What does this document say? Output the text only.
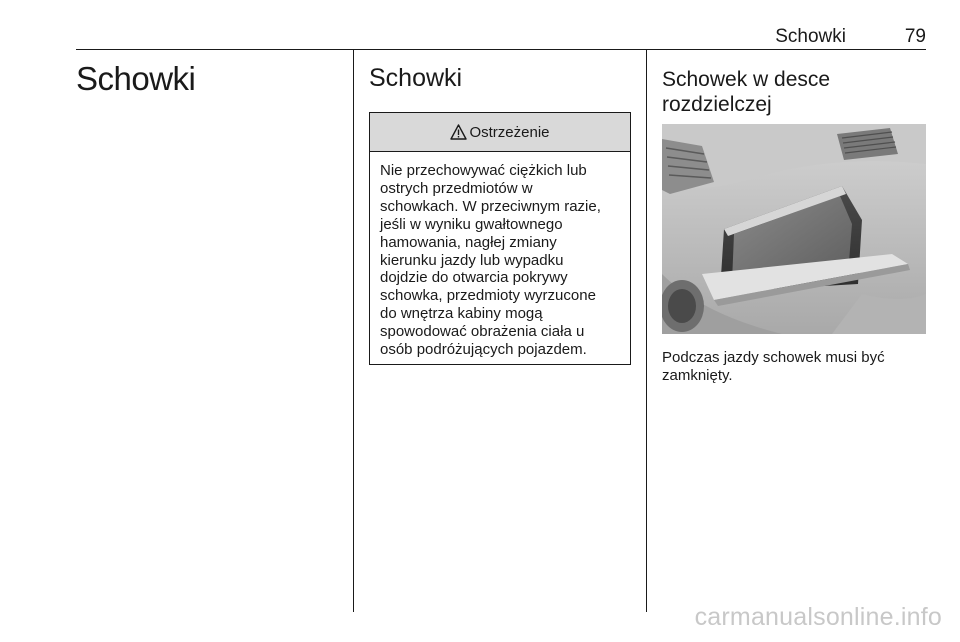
Schowki	79
Schowki	Schowki
Ostrzeżenie
Nie przechowywać ciężkich lub
ostrych przedmiotów w
schowkach. W przeciwnym razie,
jeśli w wyniku gwałtownego
hamowania, nagłej zmiany
kierunku jazdy lub wypadku
dojdzie do otwarcia pokrywy
schowka, przedmioty wyrzucone
do wnętrza kabiny mogą
spowodować obrażenia ciała u
osób podróżujących pojazdem.
Schowek w desce
rozdzielczej
Podczas jazdy schowek musi być
zamknięty.
carmanualsonline.info
